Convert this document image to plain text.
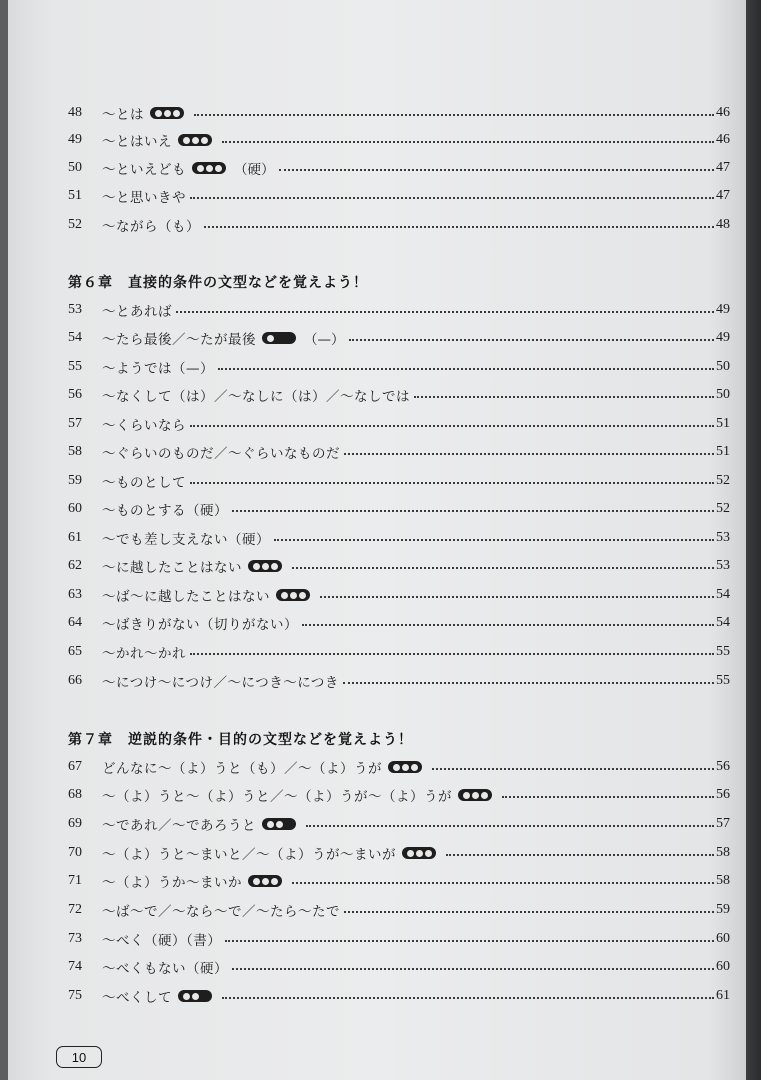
48	～とは	46
49	～とはいえ	46
50	～といえども	（硬）	47
51	～と思いきや	47
52	～ながら（も）	48
第６章　直接的条件の文型などを覚えよう！
53	～とあれば	49
54	～たら最後／～たが最後	（—）	49
55	～ようでは（—）	50
56	～なくして（は）／～なしに（は）／～なしでは	50
57	～くらいなら	51
58	～ぐらいのものだ／～ぐらいなものだ	51
59	～ものとして	52
60	～ものとする（硬）	52
61	～でも差し支えない（硬）	53
62	～に越したことはない	53
63	～ば～に越したことはない	54
64	～ばきりがない（切りがない）	54
65	～かれ～かれ	55
66	～につけ～につけ／～につき～につき	55
第７章　逆説的条件・目的の文型などを覚えよう！
67	どんなに～（よ）うと（も）／～（よ）うが	56
68	～（よ）うと～（よ）うと／～（よ）うが～（よ）うが	56
69	～であれ／～であろうと	57
70	～（よ）うと～まいと／～（よ）うが～まいが	58
71	～（よ）うか～まいか	58
72	～ば～で／～なら～で／～たら～たで	59
73	～べく（硬）（書）	60
74	～べくもない（硬）	60
75	～べくして	61
10
